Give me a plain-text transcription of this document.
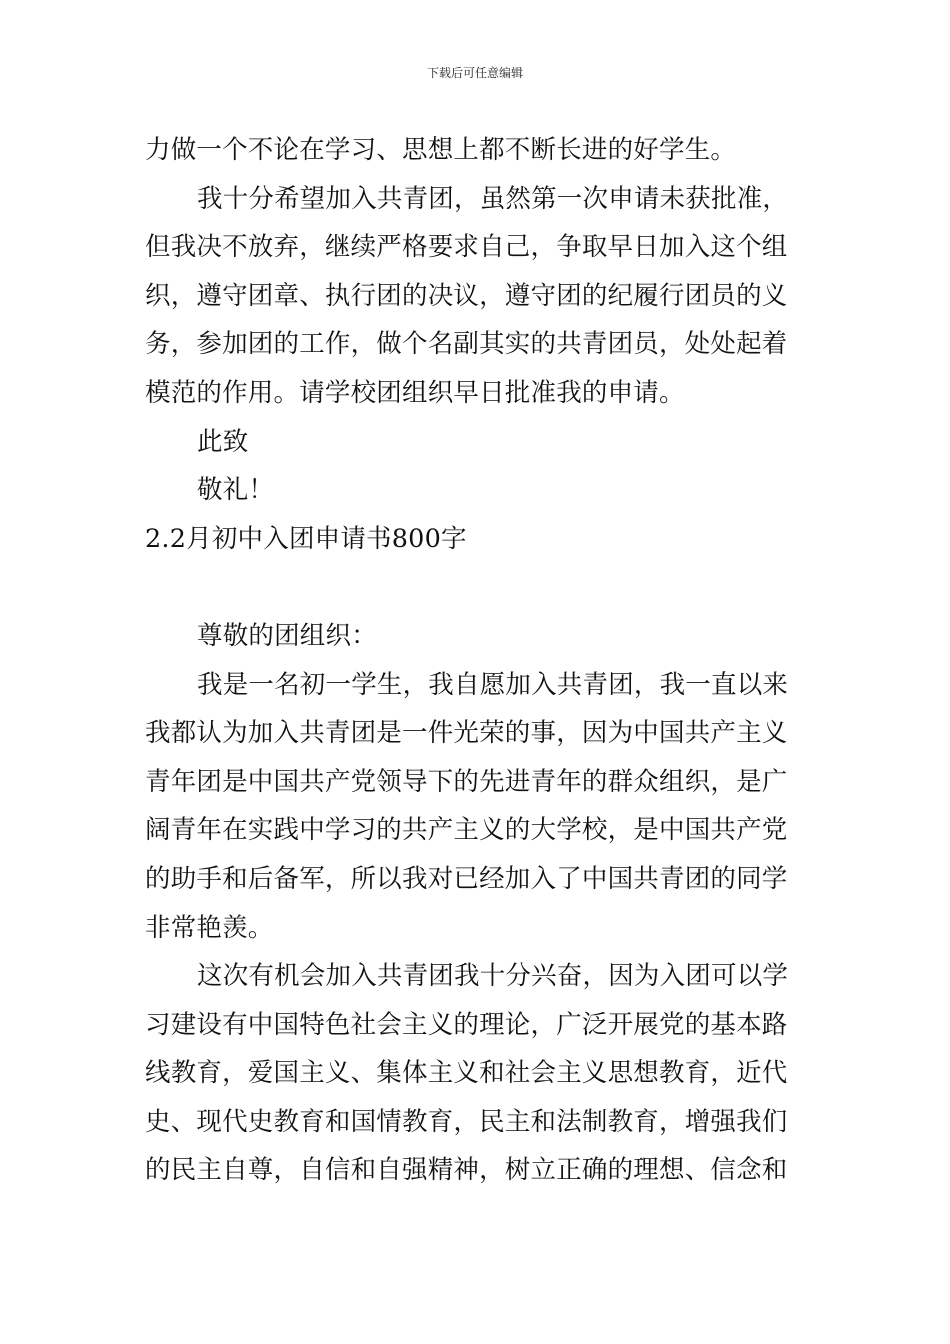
下载后可任意编辑

力做一个不论在学习、思想上都不断长进的好学生。

我十分希望加入共青团，虽然第一次申请未获批准，

但我决不放弃，继续严格要求自己，争取早日加入这个组

织，遵守团章、执行团的决议，遵守团的纪履行团员的义

务，参加团的工作，做个名副其实的共青团员，处处起着

模范的作用。请学校团组织早日批准我的申请。

此致

敬礼！

2.2月初中入团申请书800字

尊敬的团组织：

我是一名初一学生，我自愿加入共青团，我一直以来

我都认为加入共青团是一件光荣的事，因为中国共产主义

青年团是中国共产党领导下的先进青年的群众组织，是广

阔青年在实践中学习的共产主义的大学校，是中国共产党

的助手和后备军，所以我对已经加入了中国共青团的同学

非常艳羡。

这次有机会加入共青团我十分兴奋，因为入团可以学

习建设有中国特色社会主义的理论，广泛开展党的基本路

线教育，爱国主义、集体主义和社会主义思想教育，近代

史、现代史教育和国情教育，民主和法制教育，增强我们

的民主自尊，自信和自强精神，树立正确的理想、信念和
